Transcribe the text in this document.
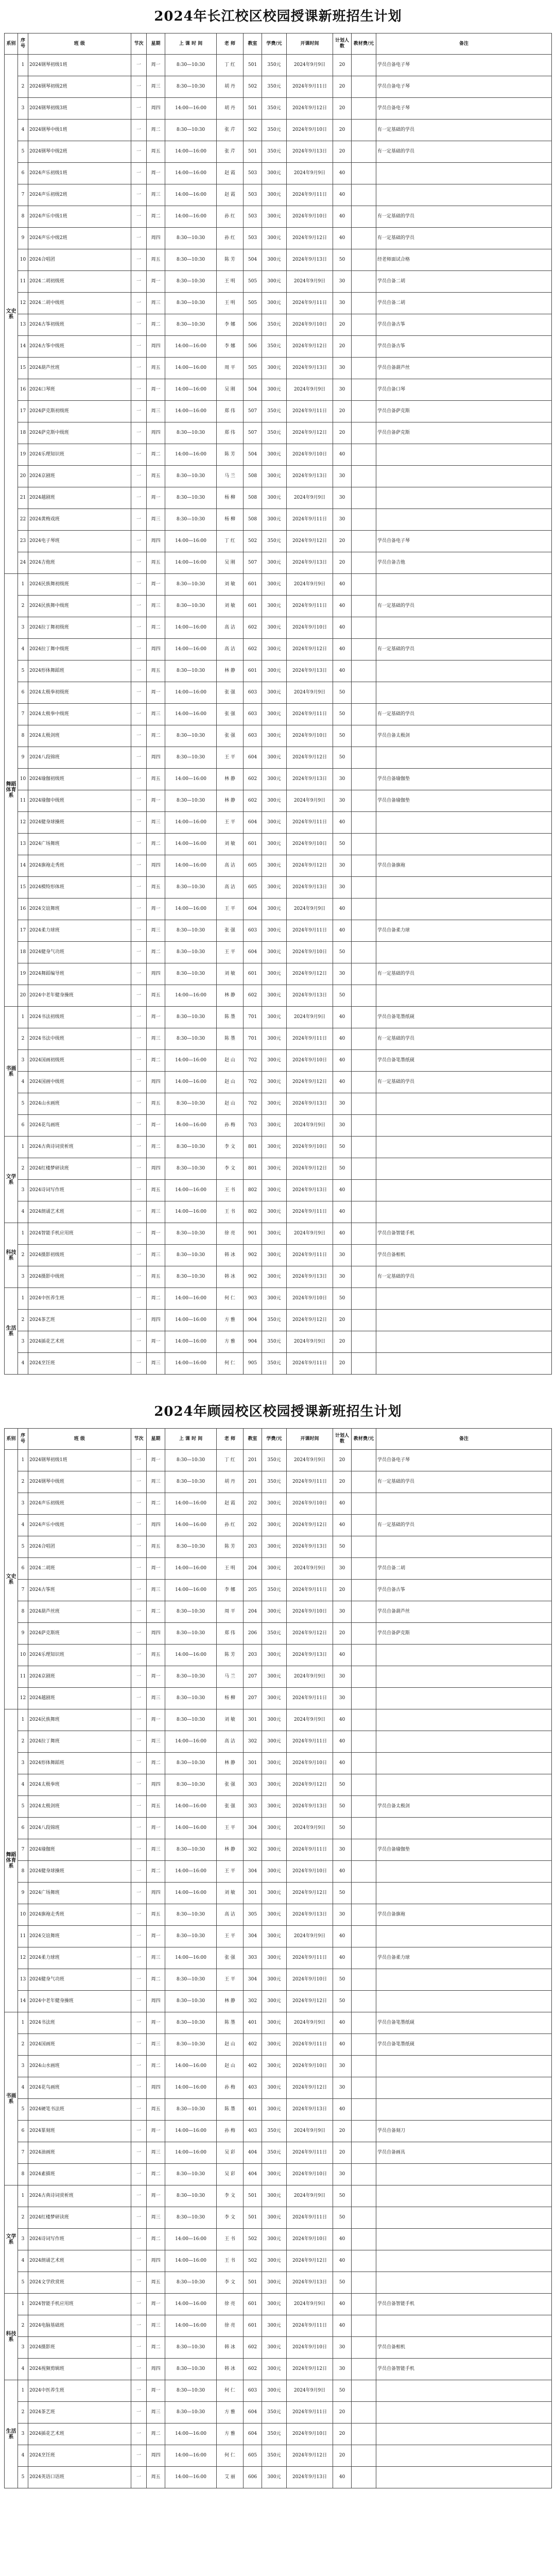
2024年长江校区校园授课新班招生计划
系别	序号	班 级	节次	星期	上 课 时 间	老 师	教室	学费/元	开课时间	计划人数	教材费/元	备注
文史系	1	2024钢琴初级1班	一	周一	8:30—10:30	丁 红	501	350元	2024年9月9日	20		学员自备电子琴
	2	2024钢琴初级2班	一	周三	8:30—10:30	胡 丹	502	350元	2024年9月11日	20		学员自备电子琴
	3	2024钢琴初级3班	一	周四	14:00—16:00	胡 丹	501	350元	2024年9月12日	20		学员自备电子琴
	4	2024钢琴中级1班	一	周二	8:30—10:30	张 芹	502	350元	2024年9月10日	20		有一定基础的学员
	5	2024钢琴中级2班	一	周五	14:00—16:00	张 芹	501	350元	2024年9月13日	20		有一定基础的学员
	6	2024声乐初级1班	一	周一	14:00—16:00	赵 霞	503	300元	2024年9月9日	40		
	7	2024声乐初级2班	一	周三	14:00—16:00	赵 霞	503	300元	2024年9月11日	40		
	8	2024声乐中级1班	一	周二	14:00—16:00	孙 红	503	300元	2024年9月10日	40		有一定基础的学员
	9	2024声乐中级2班	一	周四	8:30—10:30	孙 红	503	300元	2024年9月12日	40		有一定基础的学员
	10	2024合唱团	一	周五	8:30—10:30	陈 芳	504	300元	2024年9月13日	50		经老师面试合格
	11	2024二胡初级班	一	周一	8:30—10:30	王 明	505	300元	2024年9月9日	30		学员自备二胡
	12	2024二胡中级班	一	周三	8:30—10:30	王 明	505	300元	2024年9月11日	30		学员自备二胡
	13	2024古筝初级班	一	周二	8:30—10:30	李 娜	506	350元	2024年9月10日	20		学员自备古筝
	14	2024古筝中级班	一	周四	14:00—16:00	李 娜	506	350元	2024年9月12日	20		学员自备古筝
	15	2024葫芦丝班	一	周五	14:00—16:00	周 平	505	300元	2024年9月13日	30		学员自备葫芦丝
	16	2024口琴班	一	周一	14:00—16:00	吴 刚	504	300元	2024年9月9日	30		学员自备口琴
	17	2024萨克斯初级班	一	周三	14:00—16:00	郑 伟	507	350元	2024年9月11日	20		学员自备萨克斯
	18	2024萨克斯中级班	一	周四	8:30—10:30	郑 伟	507	350元	2024年9月12日	20		学员自备萨克斯
	19	2024乐理知识班	一	周二	14:00—16:00	陈 芳	504	300元	2024年9月10日	40		
	20	2024京剧班	一	周五	8:30—10:30	马 兰	508	300元	2024年9月13日	30		
	21	2024越剧班	一	周一	8:30—10:30	杨 柳	508	300元	2024年9月9日	30		
	22	2024黄梅戏班	一	周三	8:30—10:30	杨 柳	508	300元	2024年9月11日	30		
	23	2024电子琴班	一	周四	14:00—16:00	丁 红	502	350元	2024年9月12日	20		学员自备电子琴
	24	2024吉他班	一	周五	14:00—16:00	吴 刚	507	300元	2024年9月13日	20		学员自备吉他
舞蹈体育系	1	2024民族舞初级班	一	周一	8:30—10:30	刘 敏	601	300元	2024年9月9日	40		
	2	2024民族舞中级班	一	周三	8:30—10:30	刘 敏	601	300元	2024年9月11日	40		有一定基础的学员
	3	2024拉丁舞初级班	一	周二	14:00—16:00	高 洁	602	300元	2024年9月10日	40		
	4	2024拉丁舞中级班	一	周四	14:00—16:00	高 洁	602	300元	2024年9月12日	40		有一定基础的学员
	5	2024形体舞蹈班	一	周五	8:30—10:30	林 静	601	300元	2024年9月13日	40		
	6	2024太极拳初级班	一	周一	14:00—16:00	张 强	603	300元	2024年9月9日	50		
	7	2024太极拳中级班	一	周三	14:00—16:00	张 强	603	300元	2024年9月11日	50		有一定基础的学员
	8	2024太极剑班	一	周二	8:30—10:30	张 强	603	300元	2024年9月10日	50		学员自备太极剑
	9	2024八段锦班	一	周四	8:30—10:30	王 平	604	300元	2024年9月12日	50		
	10	2024瑜伽初级班	一	周五	14:00—16:00	林 静	602	300元	2024年9月13日	30		学员自备瑜伽垫
	11	2024瑜伽中级班	一	周一	8:30—10:30	林 静	602	300元	2024年9月9日	30		学员自备瑜伽垫
	12	2024健身球操班	一	周三	14:00—16:00	王 平	604	300元	2024年9月11日	40		
	13	2024广场舞班	一	周二	14:00—16:00	刘 敏	601	300元	2024年9月10日	50		
	14	2024旗袍走秀班	一	周四	14:00—16:00	高 洁	605	300元	2024年9月12日	30		学员自备旗袍
	15	2024模特形体班	一	周五	8:30—10:30	高 洁	605	300元	2024年9月13日	30		
	16	2024交谊舞班	一	周一	14:00—16:00	王 平	604	300元	2024年9月9日	40		
	17	2024柔力球班	一	周三	8:30—10:30	张 强	603	300元	2024年9月11日	40		学员自备柔力球
	18	2024健身气功班	一	周二	8:30—10:30	王 平	604	300元	2024年9月10日	50		
	19	2024舞蹈编导班	一	周四	8:30—10:30	刘 敏	601	300元	2024年9月12日	30		有一定基础的学员
	20	2024中老年健身操班	一	周五	14:00—16:00	林 静	602	300元	2024年9月13日	50		
书画系	1	2024书法初级班	一	周一	8:30—10:30	陈 墨	701	300元	2024年9月9日	40		学员自备笔墨纸砚
	2	2024书法中级班	一	周三	8:30—10:30	陈 墨	701	300元	2024年9月11日	40		有一定基础的学员
	3	2024国画初级班	一	周二	14:00—16:00	赵 山	702	300元	2024年9月10日	40		学员自备笔墨纸砚
	4	2024国画中级班	一	周四	14:00—16:00	赵 山	702	300元	2024年9月12日	40		有一定基础的学员
	5	2024山水画班	一	周五	8:30—10:30	赵 山	702	300元	2024年9月13日	30		
	6	2024花鸟画班	一	周一	14:00—16:00	孙 梅	703	300元	2024年9月9日	30		
文学系	1	2024古典诗词赏析班	一	周二	8:30—10:30	李 文	801	300元	2024年9月10日	50		
	2	2024红楼梦研读班	一	周四	8:30—10:30	李 文	801	300元	2024年9月12日	50		
	3	2024诗词写作班	一	周五	14:00—16:00	王 书	802	300元	2024年9月13日	40		
	4	2024朗诵艺术班	一	周三	14:00—16:00	王 书	802	300元	2024年9月11日	40		
科技系	1	2024智能手机应用班	一	周一	8:30—10:30	徐 亮	901	300元	2024年9月9日	40		学员自备智能手机
	2	2024摄影初级班	一	周三	8:30—10:30	韩 冰	902	300元	2024年9月11日	30		学员自备相机
	3	2024摄影中级班	一	周五	8:30—10:30	韩 冰	902	300元	2024年9月13日	30		有一定基础的学员
生活系	1	2024中医养生班	一	周二	14:00—16:00	何 仁	903	300元	2024年9月10日	50		
	2	2024茶艺班	一	周四	14:00—16:00	方 雅	904	350元	2024年9月12日	20		
	3	2024插花艺术班	一	周一	14:00—16:00	方 雅	904	350元	2024年9月9日	20		
	4	2024烹饪班	一	周三	14:00—16:00	何 仁	905	350元	2024年9月11日	20		
2024年顾园校区校园授课新班招生计划
系别	序号	班 级	节次	星期	上 课 时 间	老 师	教室	学费/元	开课时间	计划人数	教材费/元	备注
文史系	1	2024钢琴初级1班	一	周一	8:30—10:30	丁 红	201	350元	2024年9月9日	20		学员自备电子琴
	2	2024钢琴中级班	一	周三	8:30—10:30	胡 丹	201	350元	2024年9月11日	20		有一定基础的学员
	3	2024声乐初级班	一	周二	14:00—16:00	赵 霞	202	300元	2024年9月10日	40		
	4	2024声乐中级班	一	周四	14:00—16:00	孙 红	202	300元	2024年9月12日	40		有一定基础的学员
	5	2024合唱团	一	周五	8:30—10:30	陈 芳	203	300元	2024年9月13日	50		
	6	2024二胡班	一	周一	14:00—16:00	王 明	204	300元	2024年9月9日	30		学员自备二胡
	7	2024古筝班	一	周三	14:00—16:00	李 娜	205	350元	2024年9月11日	20		学员自备古筝
	8	2024葫芦丝班	一	周二	8:30—10:30	周 平	204	300元	2024年9月10日	30		学员自备葫芦丝
	9	2024萨克斯班	一	周四	8:30—10:30	郑 伟	206	350元	2024年9月12日	20		学员自备萨克斯
	10	2024乐理知识班	一	周五	14:00—16:00	陈 芳	203	300元	2024年9月13日	40		
	11	2024京剧班	一	周一	8:30—10:30	马 兰	207	300元	2024年9月9日	30		
	12	2024越剧班	一	周三	8:30—10:30	杨 柳	207	300元	2024年9月11日	30		
舞蹈体育系	1	2024民族舞班	一	周一	8:30—10:30	刘 敏	301	300元	2024年9月9日	40		
	2	2024拉丁舞班	一	周三	14:00—16:00	高 洁	302	300元	2024年9月11日	40		
	3	2024形体舞蹈班	一	周二	8:30—10:30	林 静	301	300元	2024年9月10日	40		
	4	2024太极拳班	一	周四	8:30—10:30	张 强	303	300元	2024年9月12日	50		
	5	2024太极剑班	一	周五	14:00—16:00	张 强	303	300元	2024年9月13日	50		学员自备太极剑
	6	2024八段锦班	一	周一	14:00—16:00	王 平	304	300元	2024年9月9日	50		
	7	2024瑜伽班	一	周三	8:30—10:30	林 静	302	300元	2024年9月11日	30		学员自备瑜伽垫
	8	2024健身球操班	一	周二	14:00—16:00	王 平	304	300元	2024年9月10日	40		
	9	2024广场舞班	一	周四	14:00—16:00	刘 敏	301	300元	2024年9月12日	50		
	10	2024旗袍走秀班	一	周五	8:30—10:30	高 洁	305	300元	2024年9月13日	30		学员自备旗袍
	11	2024交谊舞班	一	周一	8:30—10:30	王 平	304	300元	2024年9月9日	40		
	12	2024柔力球班	一	周三	14:00—16:00	张 强	303	300元	2024年9月11日	40		学员自备柔力球
	13	2024健身气功班	一	周二	8:30—10:30	王 平	304	300元	2024年9月10日	50		
	14	2024中老年健身操班	一	周四	8:30—10:30	林 静	302	300元	2024年9月12日	50		
书画系	1	2024书法班	一	周一	8:30—10:30	陈 墨	401	300元	2024年9月9日	40		学员自备笔墨纸砚
	2	2024国画班	一	周三	8:30—10:30	赵 山	402	300元	2024年9月11日	40		学员自备笔墨纸砚
	3	2024山水画班	一	周二	14:00—16:00	赵 山	402	300元	2024年9月10日	30		
	4	2024花鸟画班	一	周四	14:00—16:00	孙 梅	403	300元	2024年9月12日	30		
	5	2024硬笔书法班	一	周五	8:30—10:30	陈 墨	401	300元	2024年9月13日	40		
	6	2024篆刻班	一	周一	14:00—16:00	孙 梅	403	350元	2024年9月9日	20		学员自备刻刀
	7	2024油画班	一	周三	14:00—16:00	吴 彩	404	350元	2024年9月11日	20		学员自备画具
	8	2024素描班	一	周二	8:30—10:30	吴 彩	404	300元	2024年9月10日	30		
文学系	1	2024古典诗词赏析班	一	周一	8:30—10:30	李 文	501	300元	2024年9月9日	50		
	2	2024红楼梦研读班	一	周三	8:30—10:30	李 文	501	300元	2024年9月11日	50		
	3	2024诗词写作班	一	周二	14:00—16:00	王 书	502	300元	2024年9月10日	40		
	4	2024朗诵艺术班	一	周四	14:00—16:00	王 书	502	300元	2024年9月12日	40		
	5	2024文学欣赏班	一	周五	8:30—10:30	李 文	501	300元	2024年9月13日	50		
科技系	1	2024智能手机应用班	一	周一	14:00—16:00	徐 亮	601	300元	2024年9月9日	40		学员自备智能手机
	2	2024电脑基础班	一	周三	14:00—16:00	徐 亮	601	300元	2024年9月11日	40		
	3	2024摄影班	一	周二	8:30—10:30	韩 冰	602	300元	2024年9月10日	30		学员自备相机
	4	2024视频剪辑班	一	周四	8:30—10:30	韩 冰	602	300元	2024年9月12日	30		学员自备智能手机
生活系	1	2024中医养生班	一	周一	8:30—10:30	何 仁	603	300元	2024年9月9日	50		
	2	2024茶艺班	一	周三	8:30—10:30	方 雅	604	350元	2024年9月11日	20		
	3	2024插花艺术班	一	周二	14:00—16:00	方 雅	604	350元	2024年9月10日	20		
	4	2024烹饪班	一	周四	14:00—16:00	何 仁	605	350元	2024年9月12日	20		
	5	2024英语口语班	一	周五	14:00—16:00	艾 丽	606	300元	2024年9月13日	40		
